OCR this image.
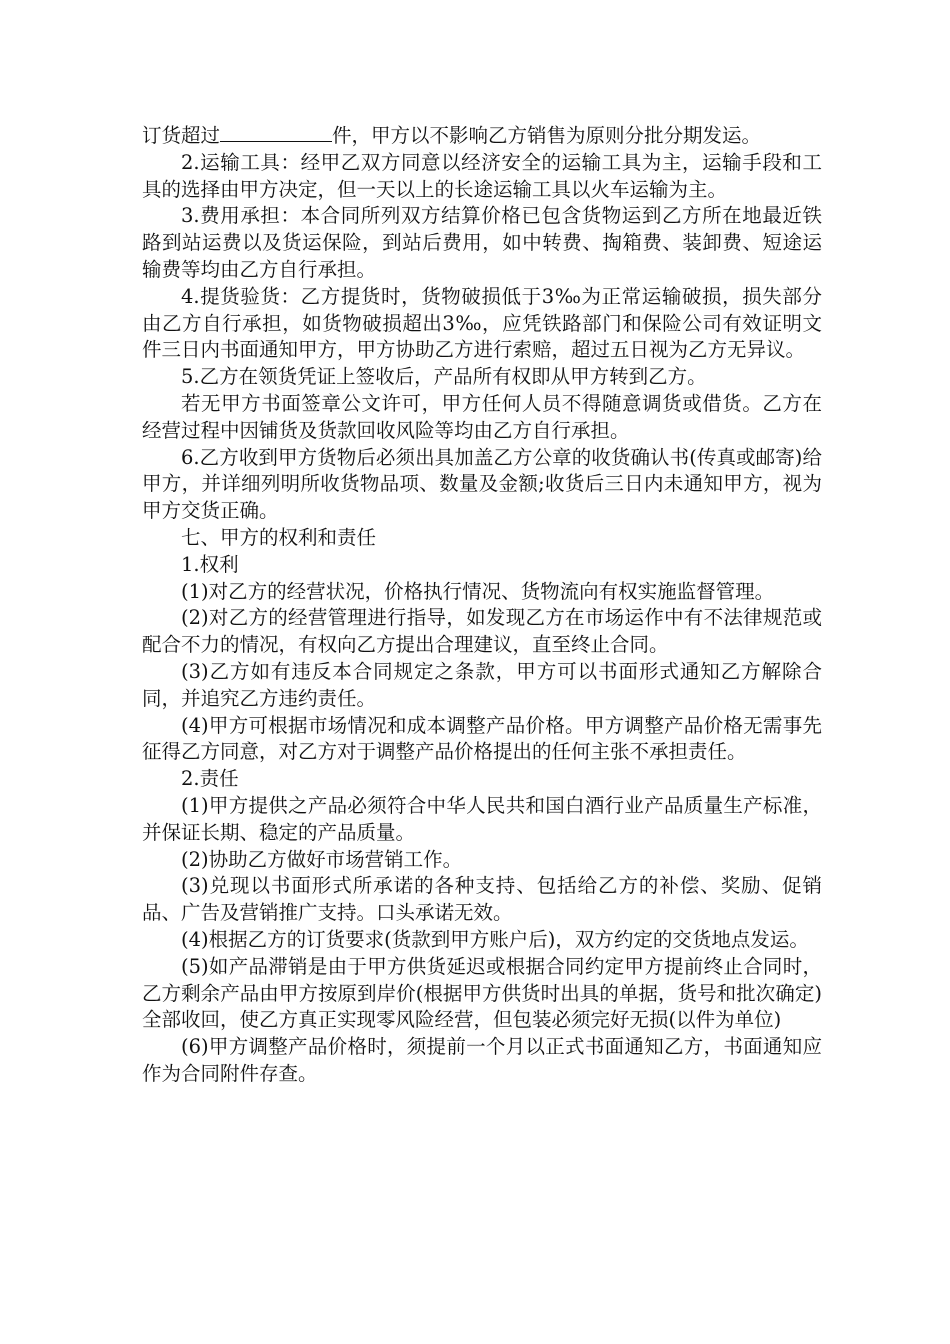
订货超过	件，甲方以不影响乙方销售为原则分批分期发运。

2.运输工具：经甲乙双方同意以经济安全的运输工具为主，运输手段和工具的选择由甲方决定，但一天以上的长途运输工具以火车运输为主。

3.费用承担：本合同所列双方结算价格已包含货物运到乙方所在地最近铁路到站运费以及货运保险，到站后费用，如中转费、掏箱费、装卸费、短途运输费等均由乙方自行承担。

4.提货验货：乙方提货时，货物破损低于3‰为正常运输破损，损失部分由乙方自行承担，如货物破损超出3‰，应凭铁路部门和保险公司有效证明文件三日内书面通知甲方，甲方协助乙方进行索赔，超过五日视为乙方无异议。

5.乙方在领货凭证上签收后，产品所有权即从甲方转到乙方。

若无甲方书面签章公文许可，甲方任何人员不得随意调货或借货。乙方在经营过程中因铺货及货款回收风险等均由乙方自行承担。

6.乙方收到甲方货物后必须出具加盖乙方公章的收货确认书(传真或邮寄)给甲方，并详细列明所收货物品项、数量及金额;收货后三日内未通知甲方，视为甲方交货正确。

七、甲方的权利和责任

1.权利

(1)对乙方的经营状况，价格执行情况、货物流向有权实施监督管理。

(2)对乙方的经营管理进行指导，如发现乙方在市场运作中有不法律规范或配合不力的情况，有权向乙方提出合理建议，直至终止合同。

(3)乙方如有违反本合同规定之条款，甲方可以书面形式通知乙方解除合同，并追究乙方违约责任。

(4)甲方可根据市场情况和成本调整产品价格。甲方调整产品价格无需事先征得乙方同意，对乙方对于调整产品价格提出的任何主张不承担责任。

2.责任

(1)甲方提供之产品必须符合中华人民共和国白酒行业产品质量生产标准，并保证长期、稳定的产品质量。

(2)协助乙方做好市场营销工作。

(3)兑现以书面形式所承诺的各种支持、包括给乙方的补偿、奖励、促销品、广告及营销推广支持。口头承诺无效。

(4)根据乙方的订货要求(货款到甲方账户后)，双方约定的交货地点发运。

(5)如产品滞销是由于甲方供货延迟或根据合同约定甲方提前终止合同时，乙方剩余产品由甲方按原到岸价(根据甲方供货时出具的单据，货号和批次确定)全部收回，使乙方真正实现零风险经营，但包装必须完好无损(以件为单位)

(6)甲方调整产品价格时，须提前一个月以正式书面通知乙方，书面通知应作为合同附件存查。
